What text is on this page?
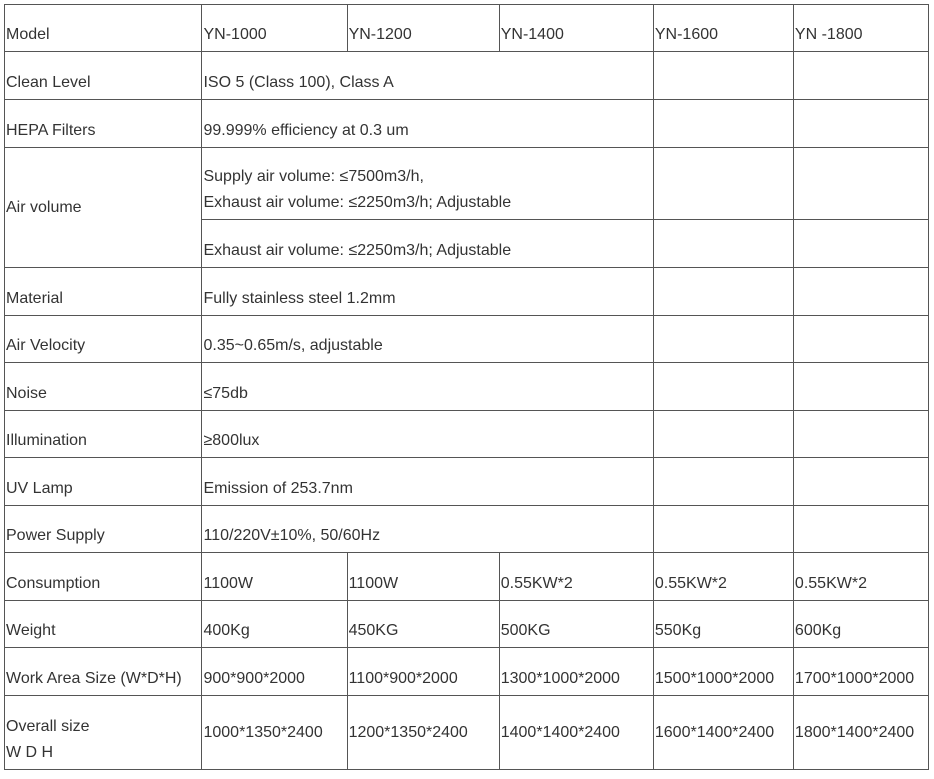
Model	YN-1000	YN-1200	YN-1400	YN-1600	YN -1800
Clean Level	ISO 5 (Class 100), Class A				
HEPA Filters	99.999% efficiency at 0.3 um				
Air volume	Supply air volume: ≤7500m3/h,
Exhaust air volume: ≤2250m3/h; Adjustable				

	Exhaust air volume: ≤2250m3/h; Adjustable				
Material	Fully stainless steel 1.2mm				
Air Velocity	0.35~0.65m/s, adjustable				
Noise	≤75db				
Illumination	≥800lux				
UV Lamp	Emission of 253.7nm				
Power Supply	110/220V±10%, 50/60Hz				
Consumption	1100W	1100W	0.55KW*2	0.55KW*2	0.55KW*2
Weight	400Kg	450KG	500KG	550Kg	600Kg
Work Area Size (W*D*H)	900*900*2000	1100*900*2000	1300*1000*2000	1500*1000*2000	1700*1000*2000

Overall size
W D H	1000*1350*2400	1200*1350*2400	1400*1400*2400	1600*1400*2400	1800*1400*2400
